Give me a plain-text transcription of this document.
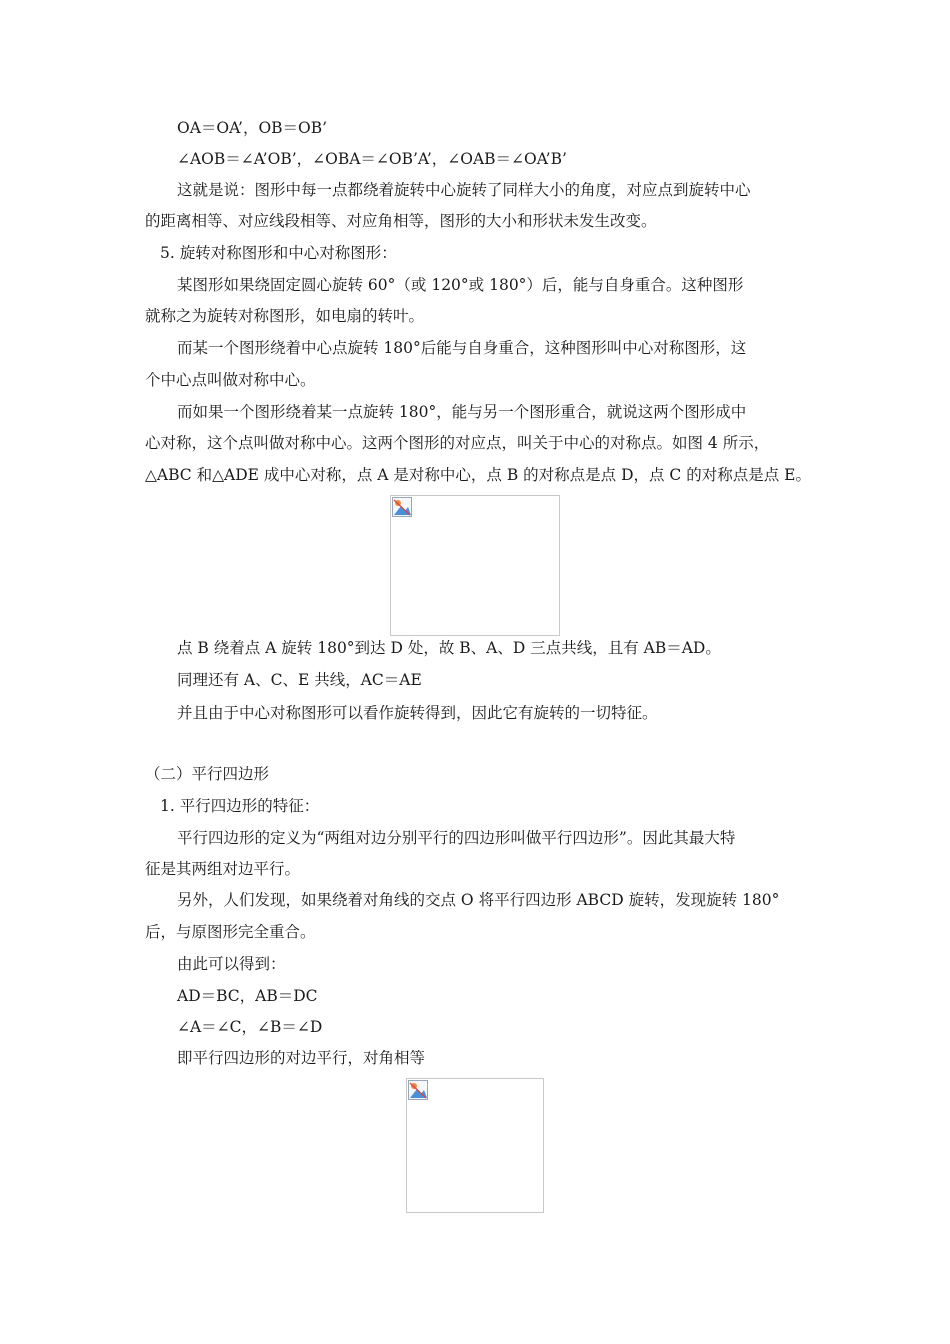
OA＝OA’，OB＝OB’
∠AOB＝∠A’OB’，∠OBA＝∠OB’A’，∠OAB＝∠OA’B’
这就是说：图形中每一点都绕着旋转中心旋转了同样大小的角度，对应点到旋转中心
的距离相等、对应线段相等、对应角相等，图形的大小和形状未发生改变。
5. 旋转对称图形和中心对称图形：
某图形如果绕固定圆心旋转 60°（或 120°或 180°）后，能与自身重合。这种图形
就称之为旋转对称图形，如电扇的转叶。
而某一个图形绕着中心点旋转 180°后能与自身重合，这种图形叫中心对称图形，这
个中心点叫做对称中心。
而如果一个图形绕着某一点旋转 180°，能与另一个图形重合，就说这两个图形成中
心对称，这个点叫做对称中心。这两个图形的对应点，叫关于中心的对称点。如图 4 所示，
△ABC 和△ADE 成中心对称，点 A 是对称中心，点 B 的对称点是点 D，点 C 的对称点是点 E。
点 B 绕着点 A 旋转 180°到达 D 处，故 B、A、D 三点共线，且有 AB＝AD。
同理还有 A、C、E 共线，AC＝AE
并且由于中心对称图形可以看作旋转得到，因此它有旋转的一切特征。
（二）平行四边形
1. 平行四边形的特征：
平行四边形的定义为“两组对边分别平行的四边形叫做平行四边形”。因此其最大特
征是其两组对边平行。
另外，人们发现，如果绕着对角线的交点 O 将平行四边形 ABCD 旋转，发现旋转 180°
后，与原图形完全重合。
由此可以得到：
AD＝BC，AB＝DC
∠A＝∠C，∠B＝∠D
即平行四边形的对边平行，对角相等
